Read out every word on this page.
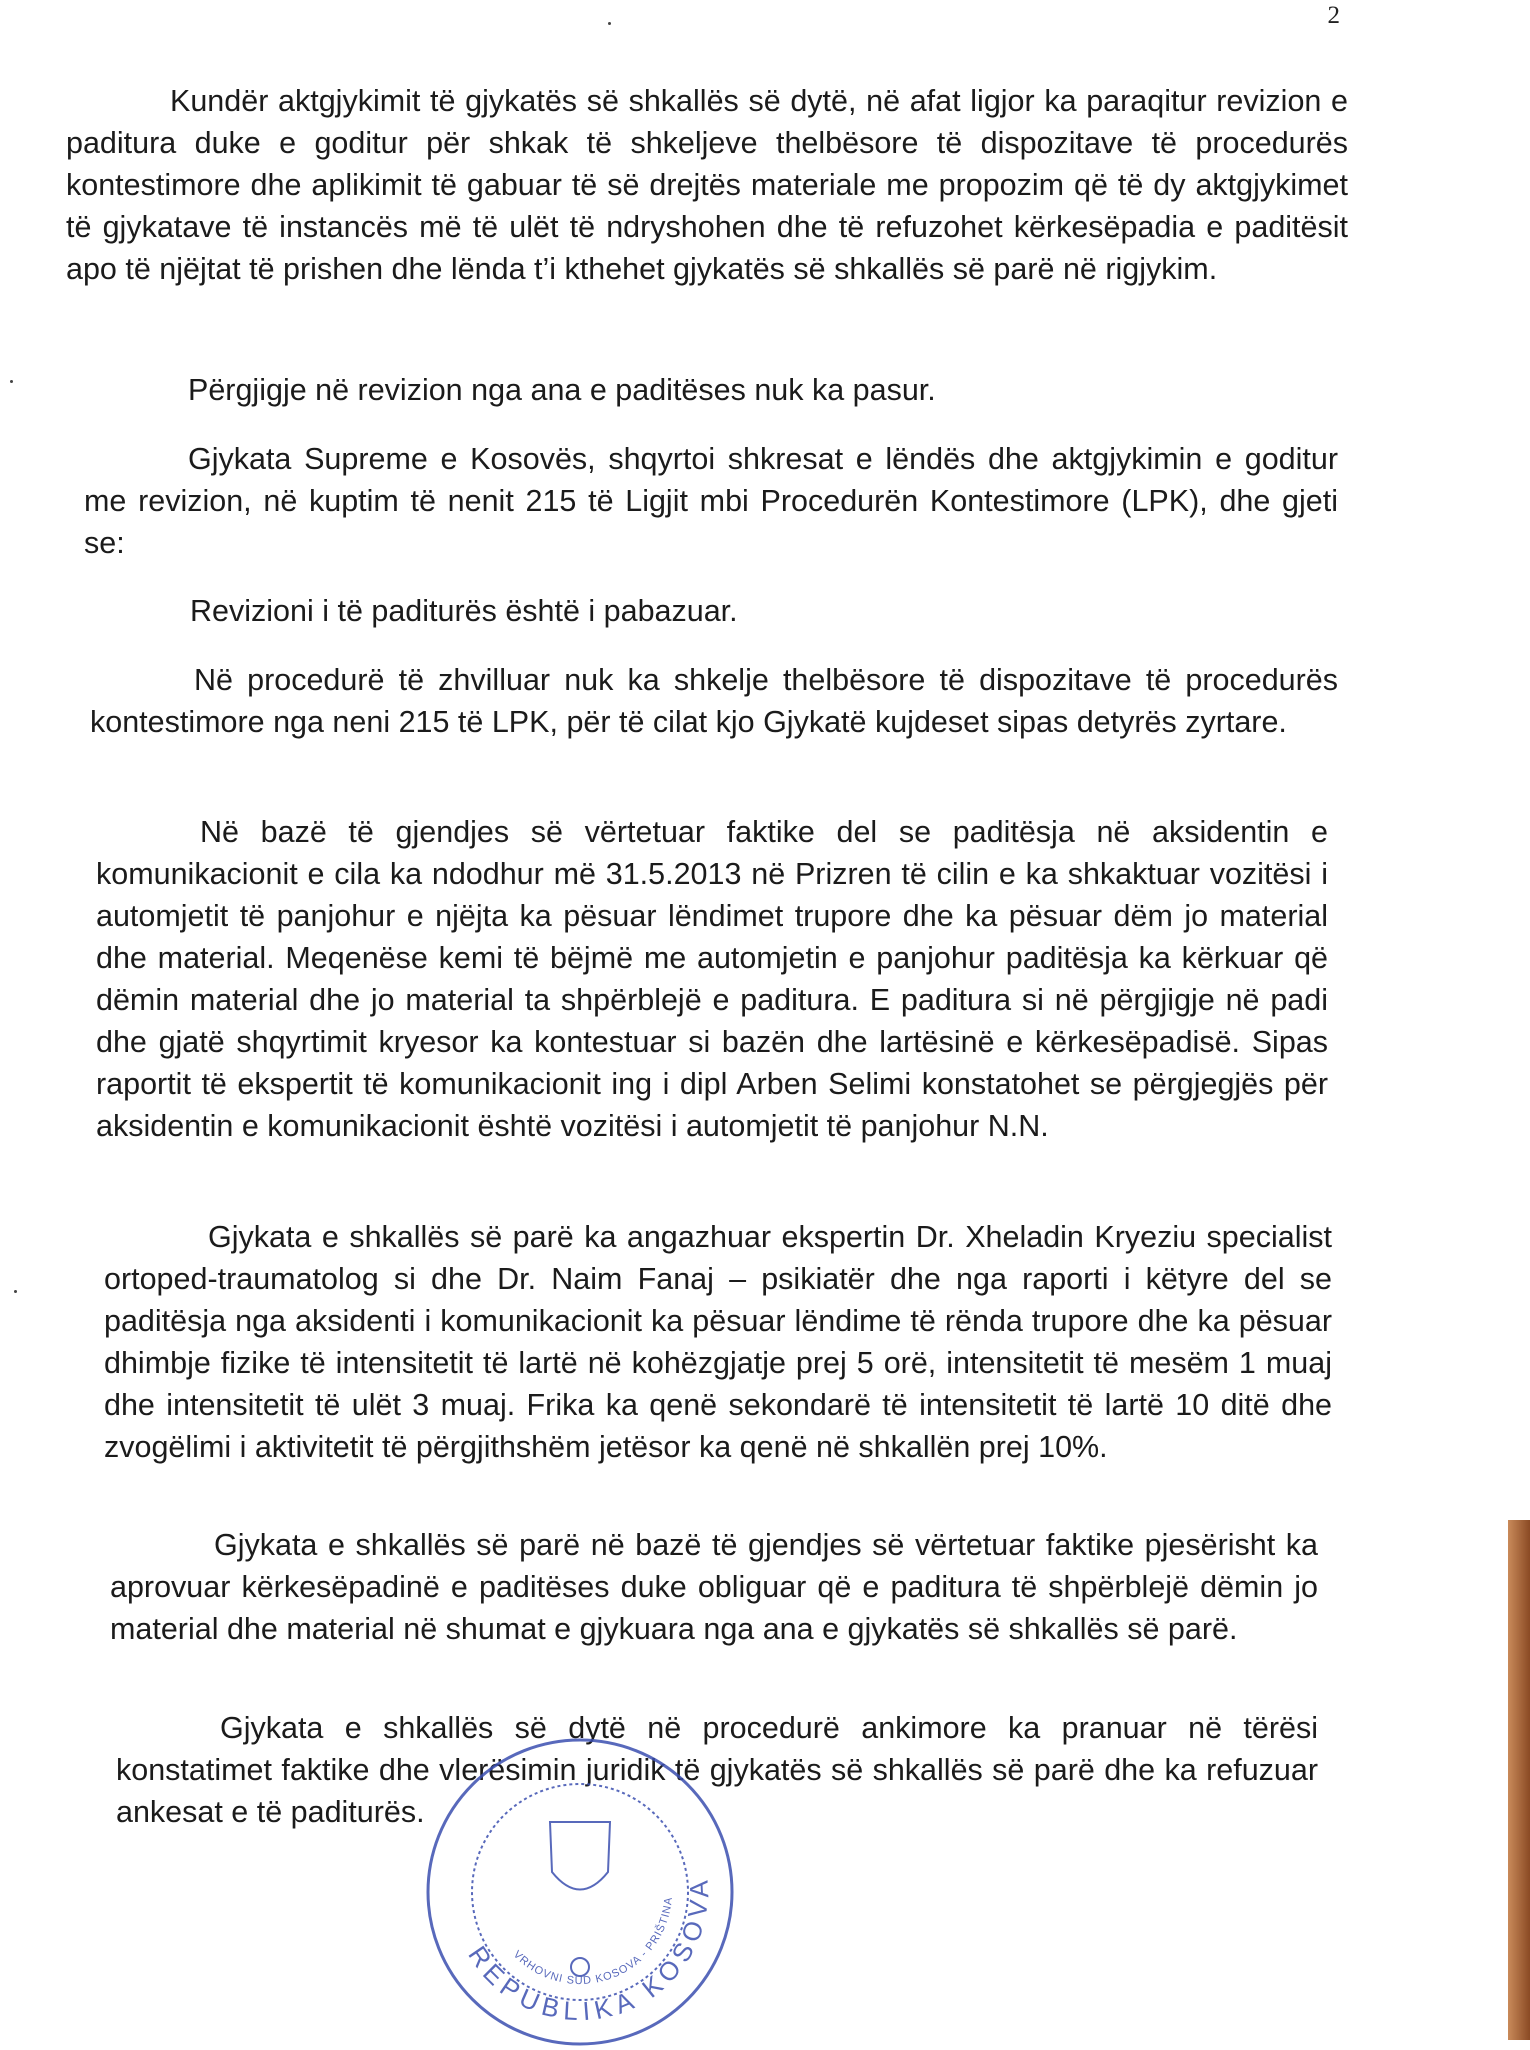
2

Kundër aktgjykimit të gjykatës së shkallës së dytë, në afat ligjor ka paraqitur revizion e paditura duke e goditur për shkak të shkeljeve thelbësore të dispozitave të procedurës kontestimore dhe aplikimit të gabuar të së drejtës materiale me propozim që të dy aktgjykimet të gjykatave të instancës më të ulët të ndryshohen dhe të refuzohet kërkesëpadia e paditësit apo të njëjtat të prishen dhe lënda t’i kthehet gjykatës së shkallës së parë në rigjykim.

Përgjigje në revizion nga ana e paditëses nuk ka pasur.

Gjykata Supreme e Kosovës, shqyrtoi shkresat e lëndës dhe aktgjykimin e goditur me revizion, në kuptim të nenit 215 të Ligjit mbi Procedurën Kontestimore (LPK), dhe gjeti se:

Revizioni i të paditurës është i pabazuar.

Në procedurë të zhvilluar nuk ka shkelje thelbësore të dispozitave të procedurës kontestimore nga neni 215 të LPK, për të cilat kjo Gjykatë kujdeset sipas detyrës zyrtare.

Në bazë të gjendjes së vërtetuar faktike del se paditësja në aksidentin e komunikacionit e cila ka ndodhur më 31.5.2013 në Prizren të cilin e ka shkaktuar vozitësi i automjetit të panjohur e njëjta ka pësuar lëndimet trupore dhe ka pësuar dëm jo material dhe material. Meqenëse kemi të bëjmë me automjetin e panjohur paditësja ka kërkuar që dëmin material dhe jo material ta shpërblejë e paditura. E paditura si në përgjigje në padi dhe gjatë shqyrtimit kryesor ka kontestuar si bazën dhe lartësinë e kërkesëpadisë. Sipas raportit të ekspertit të komunikacionit ing i dipl Arben Selimi konstatohet se përgjegjës për aksidentin e komunikacionit është vozitësi i automjetit të panjohur N.N.

Gjykata e shkallës së parë ka angazhuar ekspertin Dr. Xheladin Kryeziu specialist ortoped-traumatolog si dhe Dr. Naim Fanaj – psikiatër dhe nga raporti i këtyre del se paditësja nga aksidenti i komunikacionit ka pësuar lëndime të rënda trupore dhe ka pësuar dhimbje fizike të intensitetit të lartë në kohëzgjatje prej 5 orë, intensitetit të mesëm 1 muaj dhe intensitetit të ulët 3 muaj. Frika ka qenë sekondarë të intensitetit të lartë 10 ditë dhe zvogëlimi i aktivitetit të përgjithshëm jetësor ka qenë në shkallën prej 10%.

Gjykata e shkallës së parë në bazë të gjendjes së vërtetuar faktike pjesërisht ka aprovuar kërkesëpadinë e paditëses duke obliguar që e paditura të shpërblejë dëmin jo material dhe material në shumat e gjykuara nga ana e gjykatës së shkallës së parë.

Gjykata e shkallës së dytë në procedurë ankimore ka pranuar në tërësi konstatimet faktike dhe vlerësimin juridik të gjykatës së shkallës së parë dhe ka refuzuar ankesat e të paditurës.

REPUBLIKA KOSOVA
VRHOVNI SUD KOSOVA - PRIŠTINA
